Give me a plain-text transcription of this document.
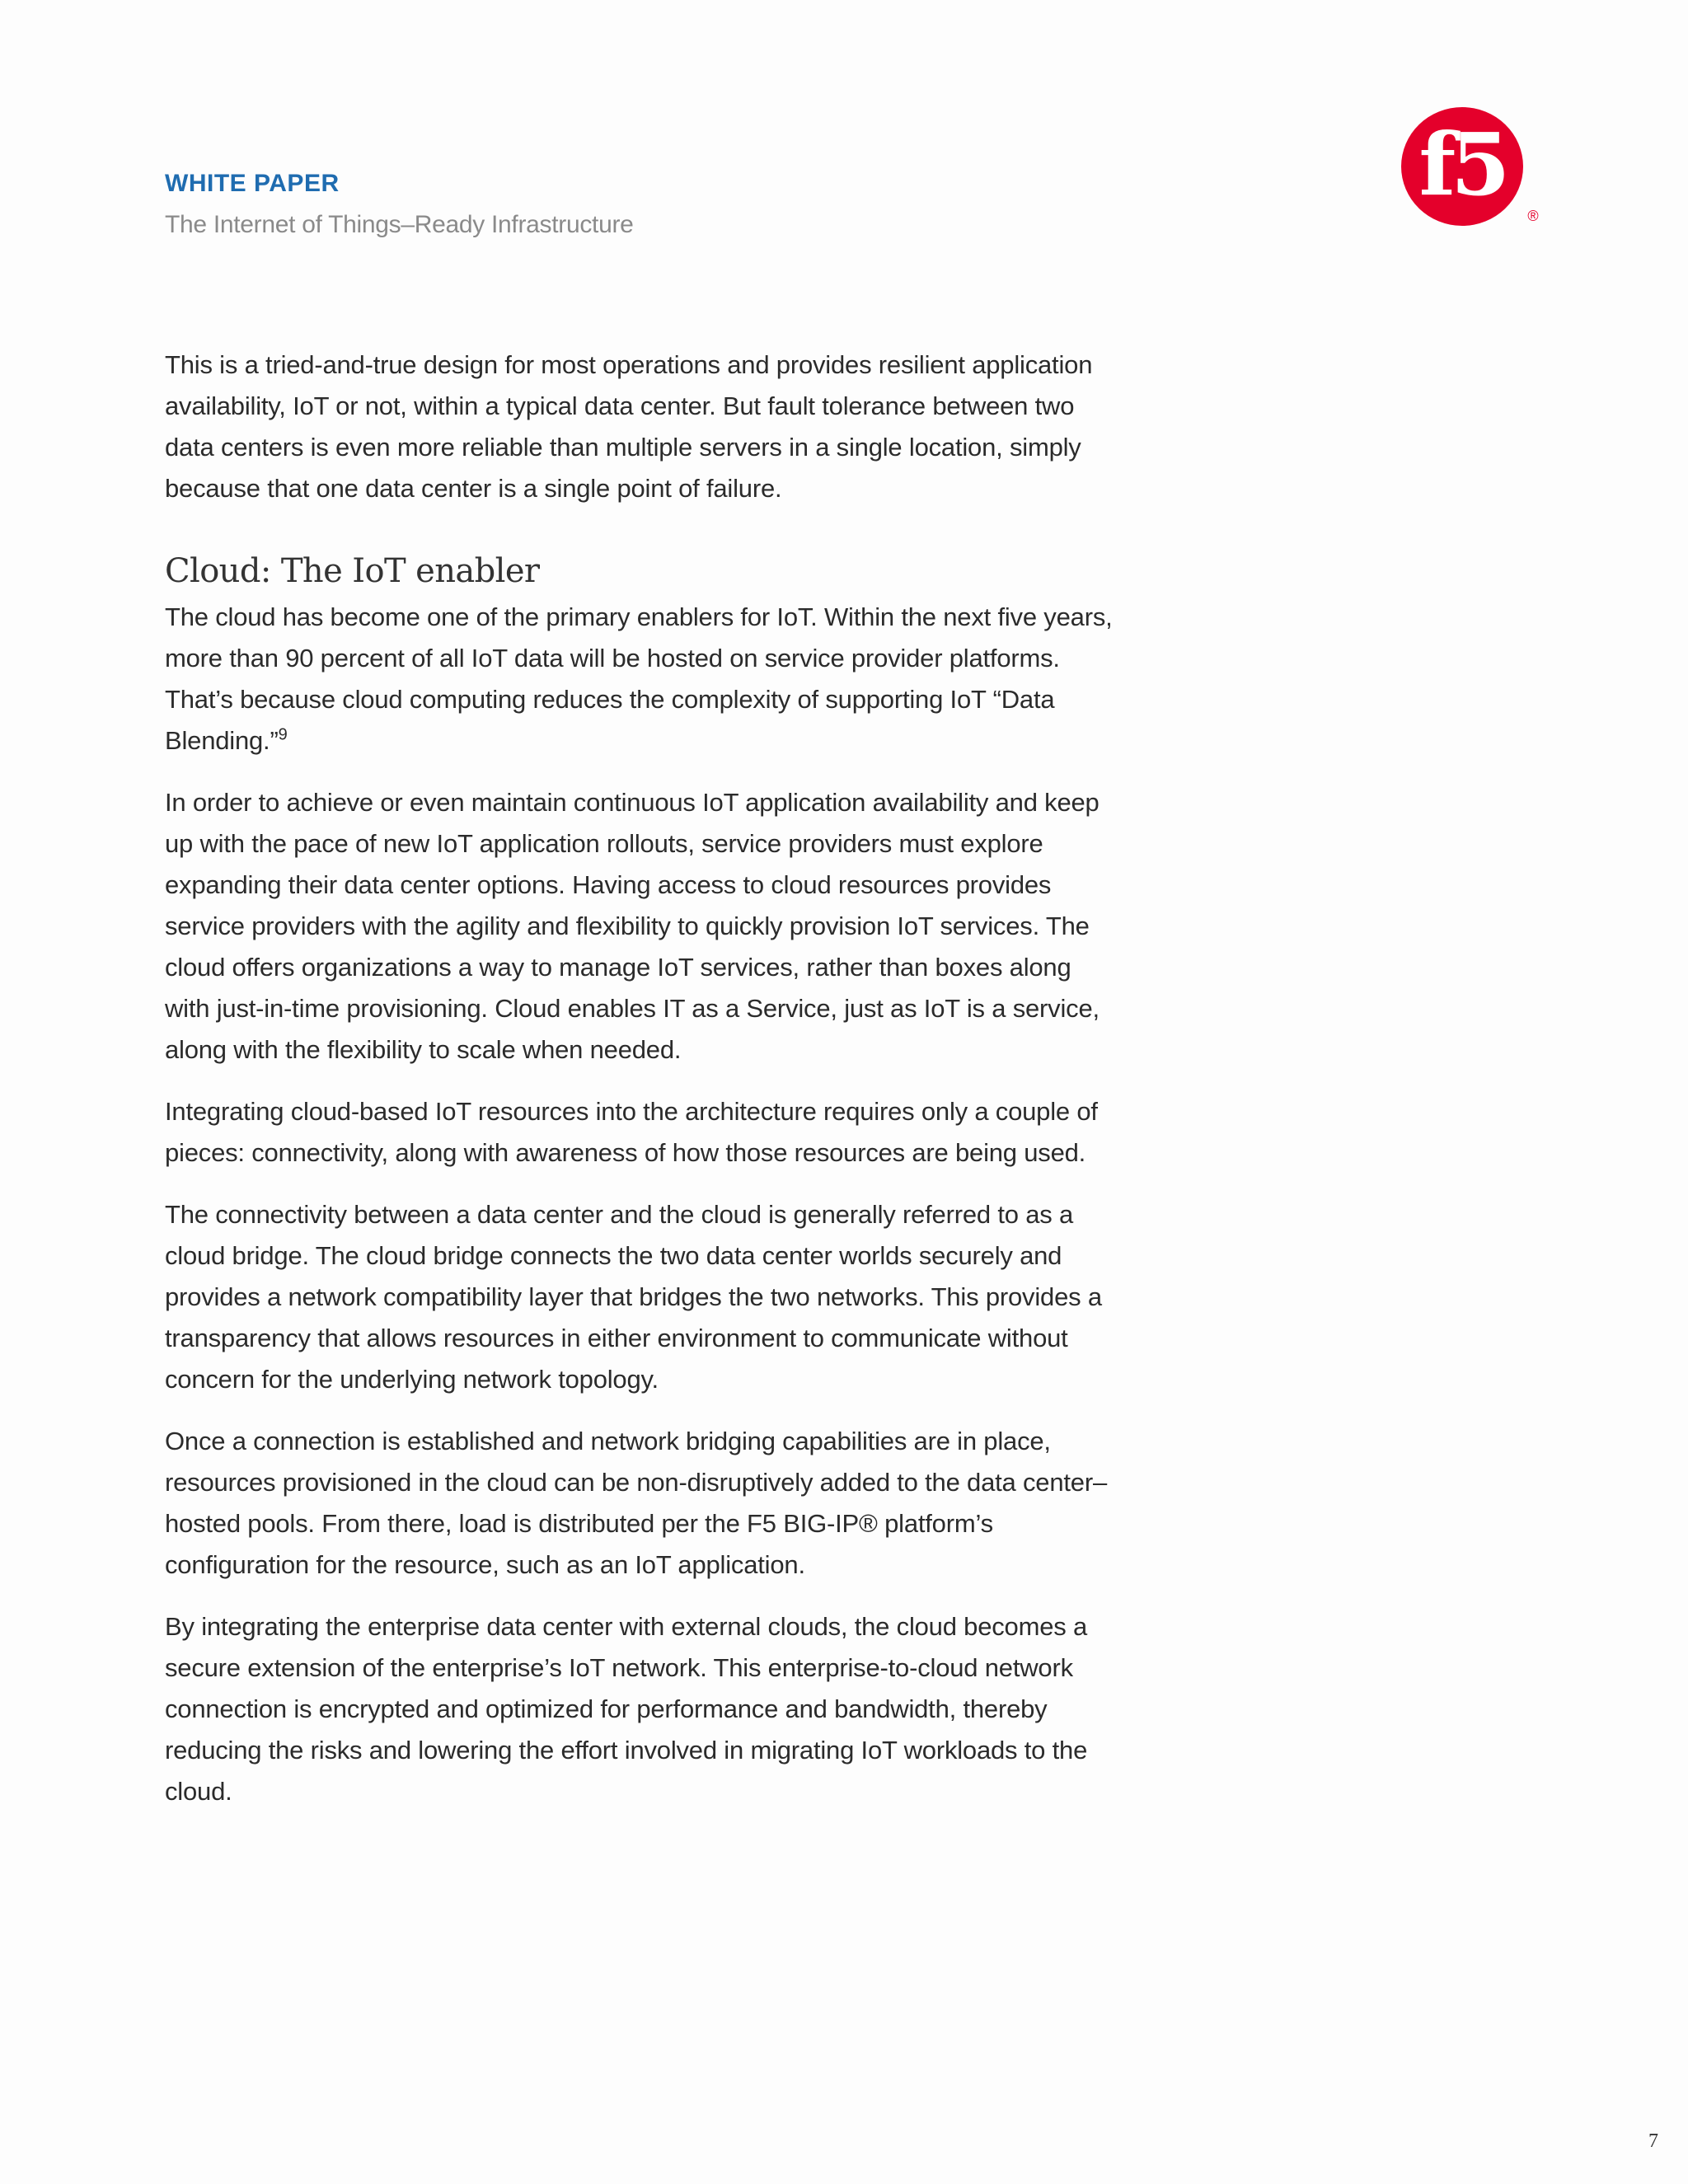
WHITE PAPER
The Internet of Things–Ready Infrastructure
f5
®

This is a tried-and-true design for most operations and provides resilient application availability, IoT or not, within a typical data center. But fault tolerance between two data centers is even more reliable than multiple servers in a single location, simply because that one data center is a single point of failure.

Cloud: The IoT enabler

The cloud has become one of the primary enablers for IoT. Within the next five years, more than 90 percent of all IoT data will be hosted on service provider platforms. That’s because cloud computing reduces the complexity of supporting IoT “Data Blending.”$^9$

In order to achieve or even maintain continuous IoT application availability and keep up with the pace of new IoT application rollouts, service providers must explore expanding their data center options. Having access to cloud resources provides service providers with the agility and flexibility to quickly provision IoT services. The cloud offers organizations a way to manage IoT services, rather than boxes along with just-in-time provisioning. Cloud enables IT as a Service, just as IoT is a service, along with the flexibility to scale when needed.

Integrating cloud-based IoT resources into the architecture requires only a couple of pieces: connectivity, along with awareness of how those resources are being used.

The connectivity between a data center and the cloud is generally referred to as a cloud bridge. The cloud bridge connects the two data center worlds securely and provides a network compatibility layer that bridges the two networks. This provides a transparency that allows resources in either environment to communicate without concern for the underlying network topology.

Once a connection is established and network bridging capabilities are in place, resources provisioned in the cloud can be non-disruptively added to the data center–hosted pools. From there, load is distributed per the F5 BIG-IP® platform’s configuration for the resource, such as an IoT application.

By integrating the enterprise data center with external clouds, the cloud becomes a secure extension of the enterprise’s IoT network. This enterprise-to-cloud network connection is encrypted and optimized for performance and bandwidth, thereby reducing the risks and lowering the effort involved in migrating IoT workloads to the cloud.

7
